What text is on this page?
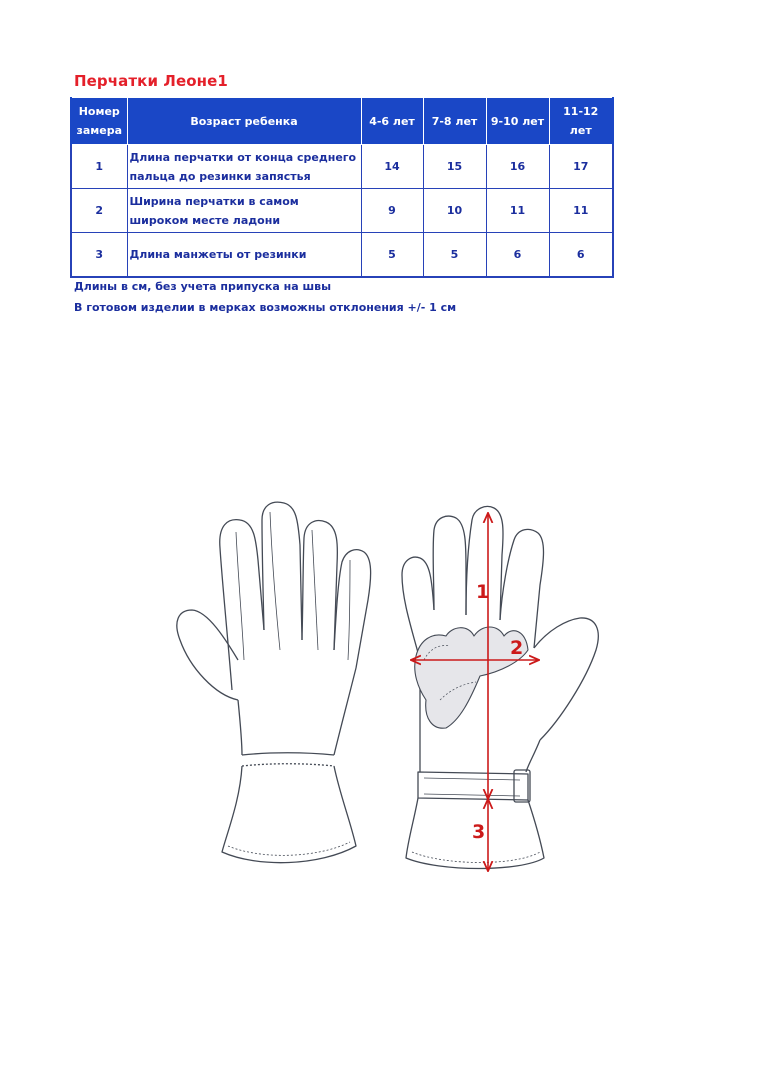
Перчатки Леоне1
Номер замера	Возраст ребенка	4-6 лет	7-8 лет	9-10 лет	11-12 лет
1	Длина перчатки от конца среднего пальца до резинки запястья	14	15	16	17
2	Ширина перчатки в самом широком месте ладони	9	10	11	11
3	Длина манжеты от резинки	5	5	6	6
Длины в см, без учета припуска на швы
В готовом изделии в мерках возможны отклонения +/- 1 см
1
2
3
